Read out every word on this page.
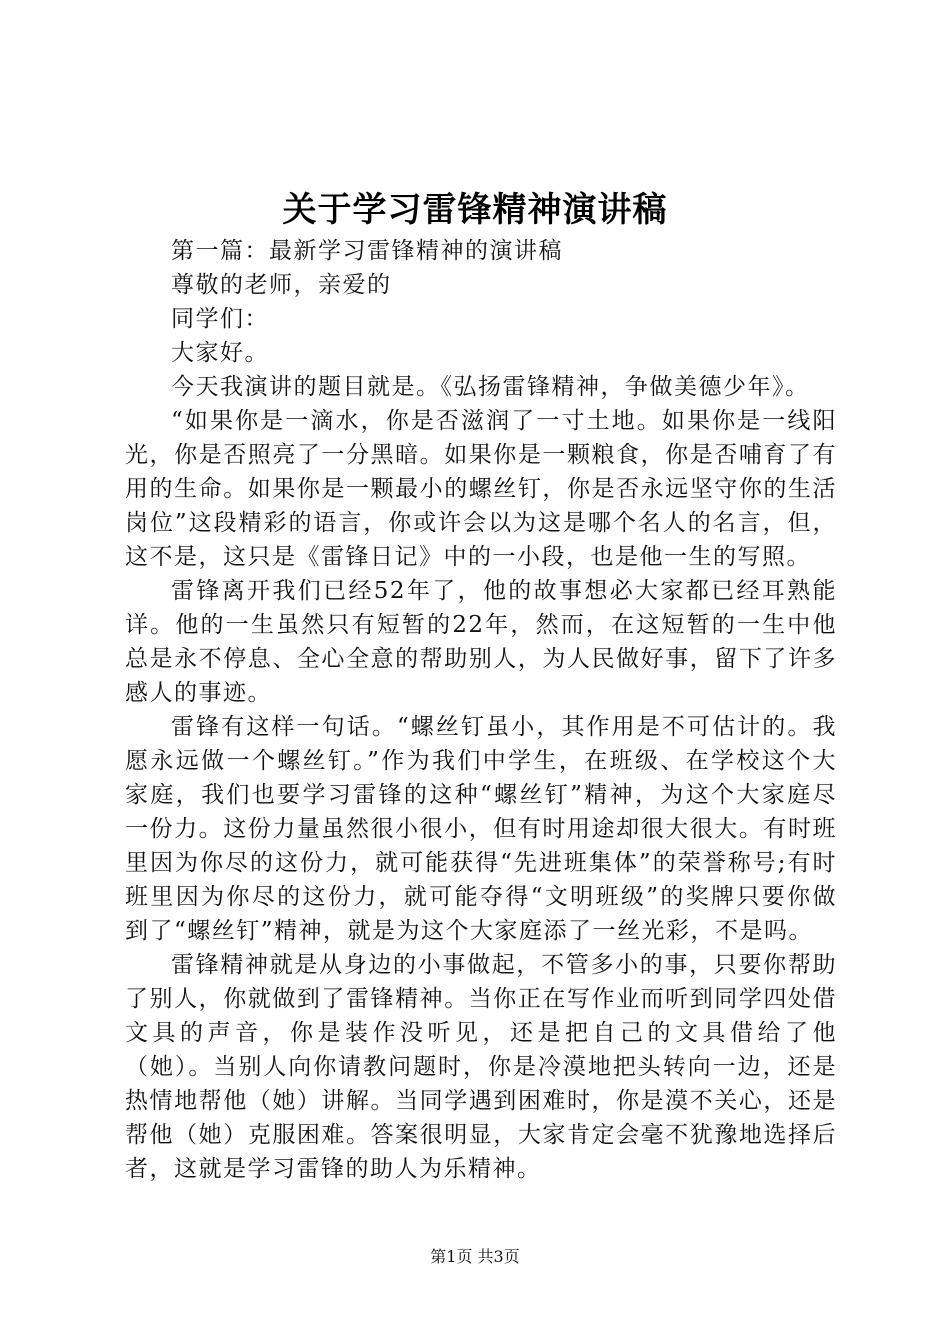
关于学习雷锋精神演讲稿

第一篇：最新学习雷锋精神的演讲稿

尊敬的老师，亲爱的

同学们：

大家好。

今天我演讲的题目就是。《弘扬雷锋精神，争做美德少年》。

“如果你是一滴水，你是否滋润了一寸土地。如果你是一线阳光，你是否照亮了一分黑暗。如果你是一颗粮食，你是否哺育了有用的生命。如果你是一颗最小的螺丝钉，你是否永远坚守你的生活岗位”这段精彩的语言，你或许会以为这是哪个名人的名言，但，这不是，这只是《雷锋日记》中的一小段，也是他一生的写照。

雷锋离开我们已经52年了，他的故事想必大家都已经耳熟能详。他的一生虽然只有短暂的22年，然而，在这短暂的一生中他总是永不停息、全心全意的帮助别人，为人民做好事，留下了许多感人的事迹。

雷锋有这样一句话。“螺丝钉虽小，其作用是不可估计的。我愿永远做一个螺丝钉。”作为我们中学生，在班级、在学校这个大家庭，我们也要学习雷锋的这种“螺丝钉”精神，为这个大家庭尽一份力。这份力量虽然很小很小，但有时用途却很大很大。有时班里因为你尽的这份力，就可能获得“先进班集体”的荣誉称号;有时班里因为你尽的这份力，就可能夺得“文明班级”的奖牌只要你做到了“螺丝钉”精神，就是为这个大家庭添了一丝光彩，不是吗。

雷锋精神就是从身边的小事做起，不管多小的事，只要你帮助了别人，你就做到了雷锋精神。当你正在写作业而听到同学四处借文具的声音，你是装作没听见，还是把自己的文具借给了他（她）。当别人向你请教问题时，你是冷漠地把头转向一边，还是热情地帮他（她）讲解。当同学遇到困难时，你是漠不关心，还是帮他（她）克服困难。答案很明显，大家肯定会毫不犹豫地选择后者，这就是学习雷锋的助人为乐精神。

第1页 共3页
